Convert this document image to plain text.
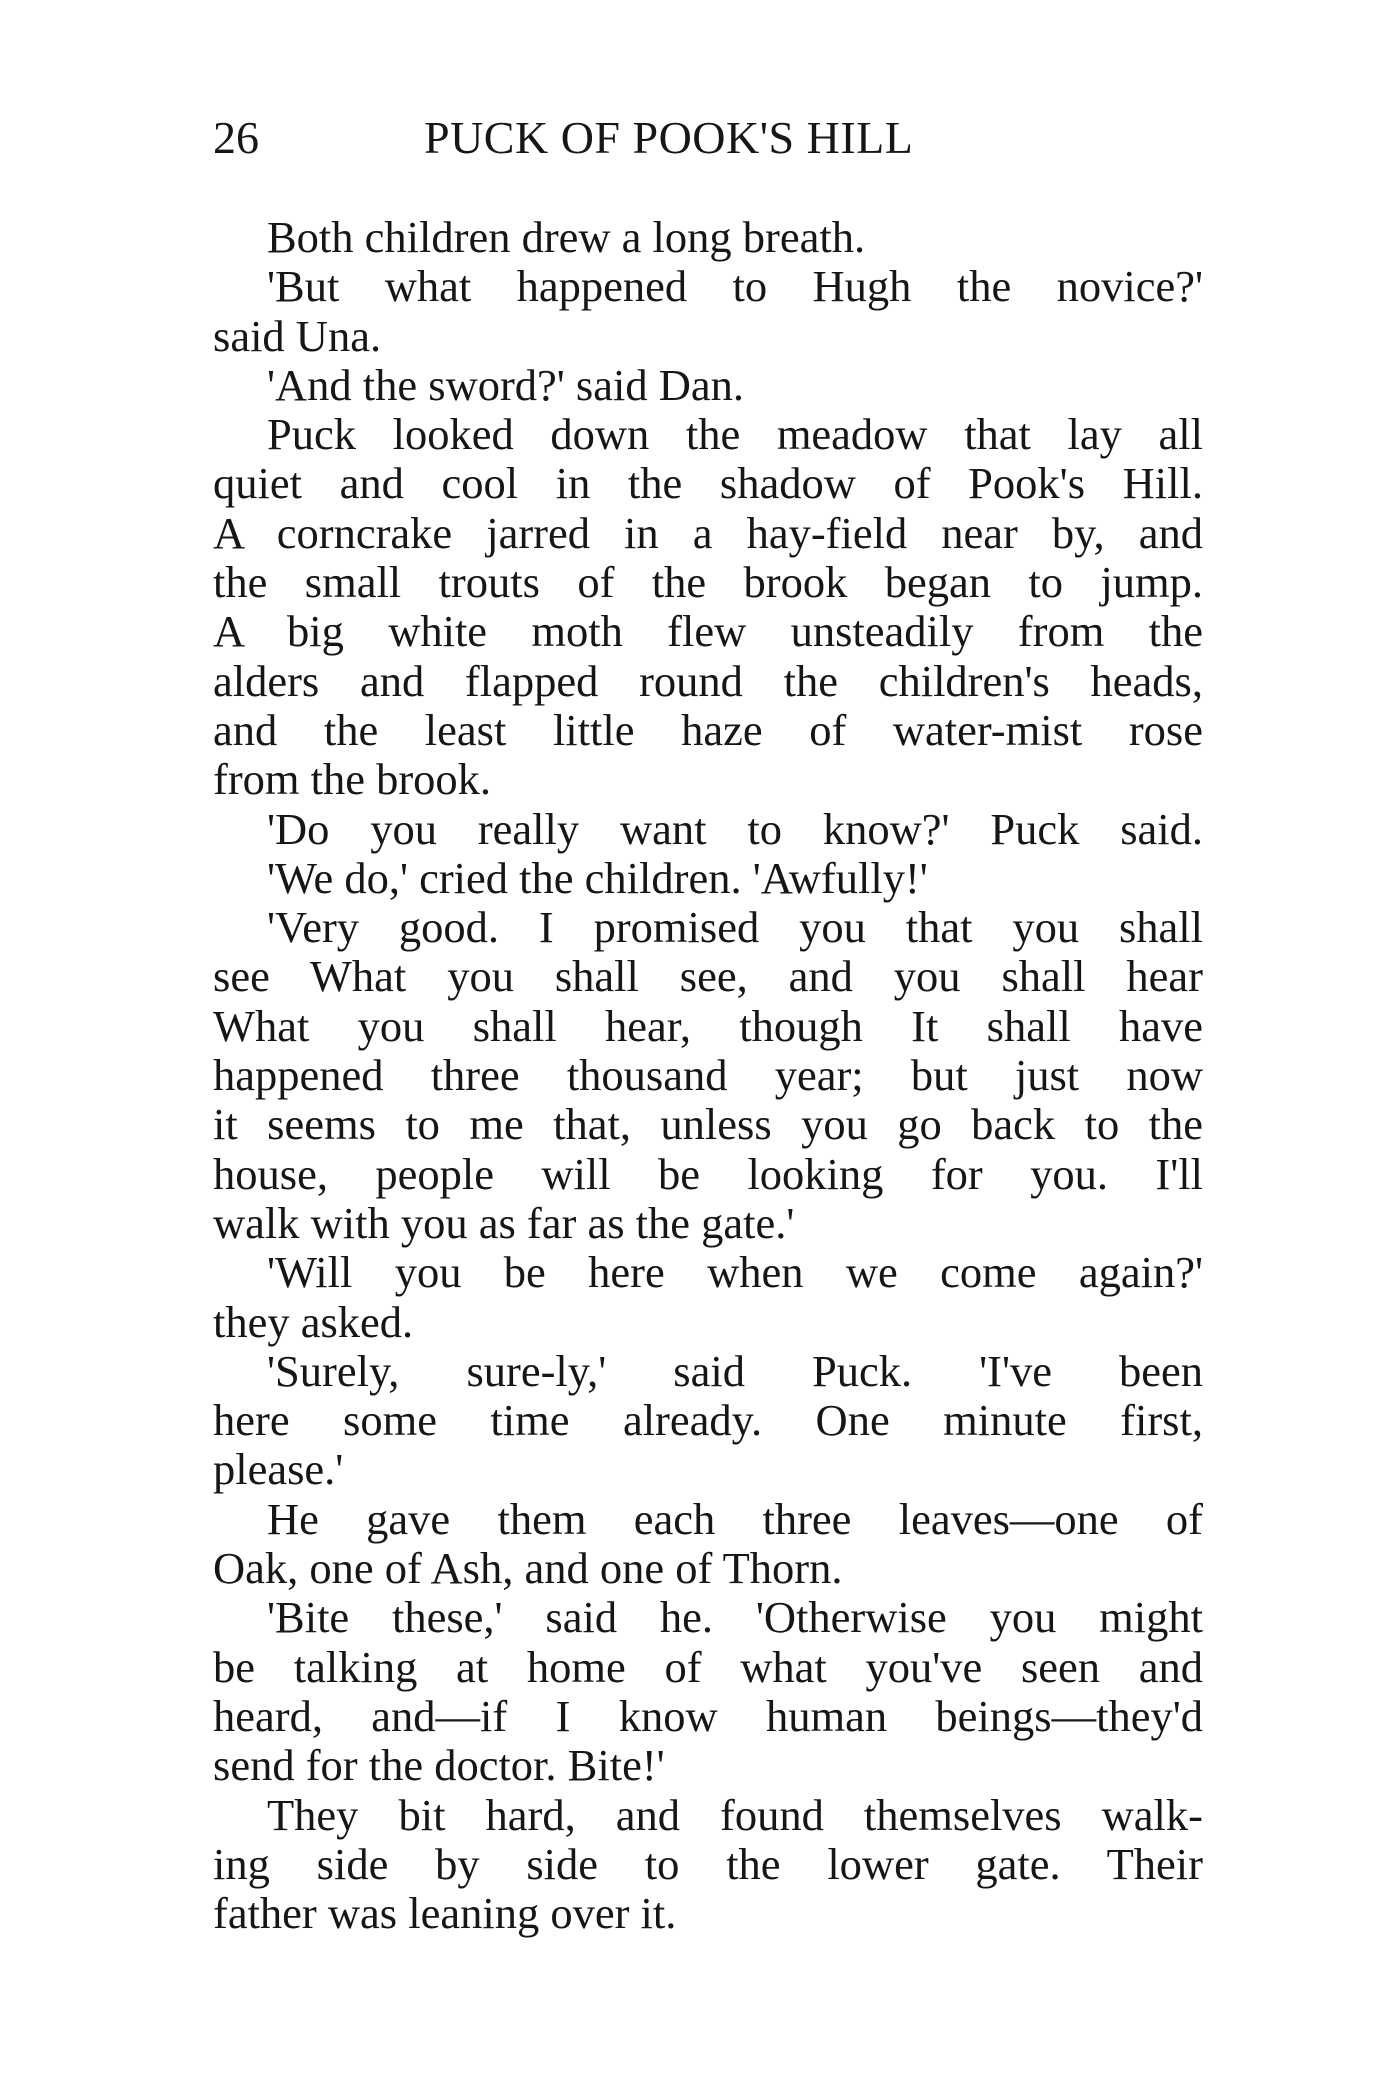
26	PUCK OF POOK'S HILL
Both children drew a long breath.
'But what happened to Hugh the novice?'
said Una.
'And the sword?' said Dan.
Puck looked down the meadow that lay all
quiet and cool in the shadow of Pook's Hill.
A corncrake jarred in a hay-field near by, and
the small trouts of the brook began to jump.
A big white moth flew unsteadily from the
alders and flapped round the children's heads,
and the least little haze of water-mist rose
from the brook.
'Do you really want to know?' Puck said.
'We do,' cried the children. 'Awfully!'
'Very good. I promised you that you shall
see What you shall see, and you shall hear
What you shall hear, though It shall have
happened three thousand year; but just now
it seems to me that, unless you go back to the
house, people will be looking for you. I'll
walk with you as far as the gate.'
'Will you be here when we come again?'
they asked.
'Surely, sure-ly,' said Puck. 'I've been
here some time already. One minute first,
please.'
He gave them each three leaves—one of
Oak, one of Ash, and one of Thorn.
'Bite these,' said he. 'Otherwise you might
be talking at home of what you've seen and
heard, and—if I know human beings—they'd
send for the doctor. Bite!'
They bit hard, and found themselves walk-
ing side by side to the lower gate. Their
father was leaning over it.
